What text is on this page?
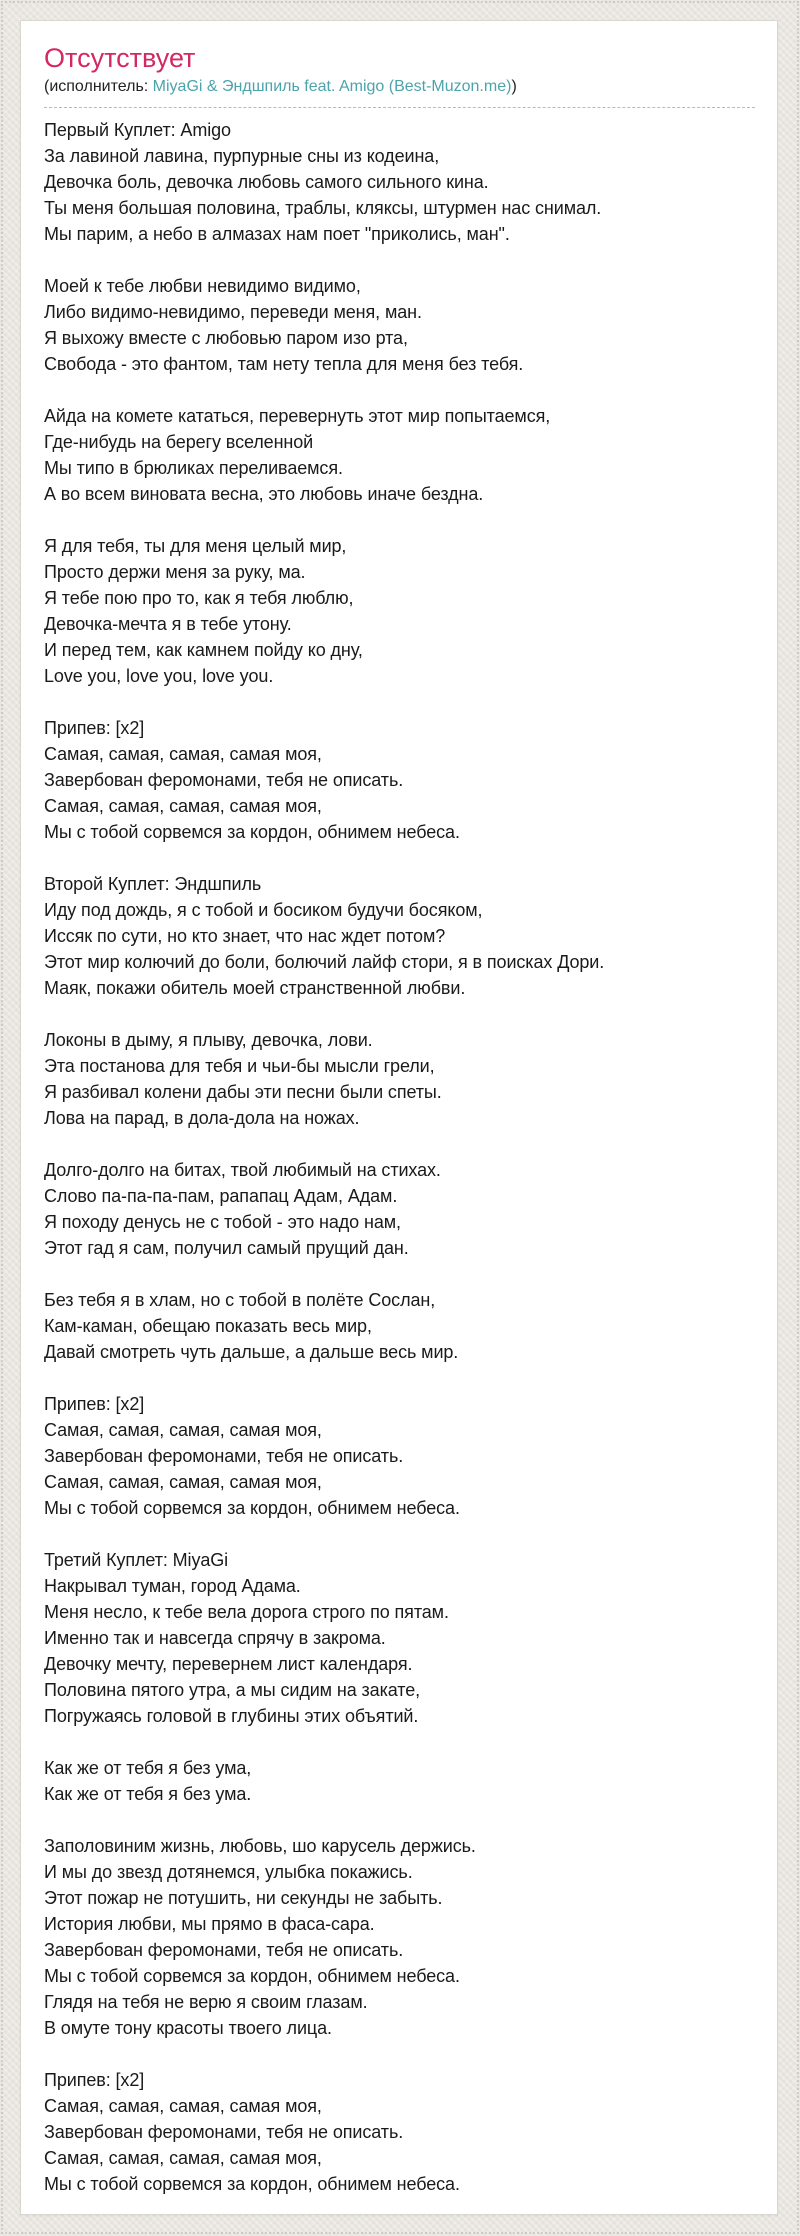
Отсутствует
(исполнитель: MiyaGi & Эндшпиль feat. Amigo (Best-Muzon.me))

Первый Куплет: Amigo
За лавиной лавина, пурпурные сны из кодеина,
Девочка боль, девочка любовь самого сильного кина.
Ты меня большая половина, траблы, кляксы, штурмен нас снимал.
Мы парим, а небо в алмазах нам поет "приколись, ман".

Моей к тебе любви невидимо видимо,
Либо видимо-невидимо, переведи меня, ман.
Я выхожу вместе с любовью паром изо рта,
Свобода - это фантом, там нету тепла для меня без тебя.

Айда на комете кататься, перевернуть этот мир попытаемся,
Где-нибудь на берегу вселенной
Мы типо в брюликах переливаемся.
А во всем виновата весна, это любовь иначе бездна.

Я для тебя, ты для меня целый мир,
Просто держи меня за руку, ма.
Я тебе пою про то, как я тебя люблю,
Девочка-мечта я в тебе утону.
И перед тем, как камнем пойду ко дну,
Love you, love you, love you.

Припев: [x2]
Самая, самая, самая, самая моя,
Завербован феромонами, тебя не описать.
Самая, самая, самая, самая моя,
Мы с тобой сорвемся за кордон, обнимем небеса.

Второй Куплет: Эндшпиль
Иду под дождь, я с тобой и босиком будучи босяком,
Иссяк по сути, но кто знает, что нас ждет потом?
Этот мир колючий до боли, болючий лайф стори, я в поисках Дори.
Маяк, покажи обитель моей странственной любви.

Локоны в дыму, я плыву, девочка, лови.
Эта постанова для тебя и чьи-бы мысли грели,
Я разбивал колени дабы эти песни были спеты.
Лова на парад, в дола-дола на ножах.

Долго-долго на битах, твой любимый на стихах.
Слово па-па-па-пам, рапапац Адам, Адам.
Я походу денусь не с тобой - это надо нам,
Этот гад я сам, получил самый прущий дан.

Без тебя я в хлам, но с тобой в полёте Сослан,
Кам-каман, обещаю показать весь мир,
Давай смотреть чуть дальше, а дальше весь мир.

Припев: [x2]
Самая, самая, самая, самая моя,
Завербован феромонами, тебя не описать.
Самая, самая, самая, самая моя,
Мы с тобой сорвемся за кордон, обнимем небеса.

Третий Куплет: MiyaGi
Накрывал туман, город Адама.
Меня несло, к тебе вела дорога строго по пятам.
Именно так и навсегда спрячу в закрома.
Девочку мечту, перевернем лист календаря.
Половина пятого утра, а мы сидим на закате,
Погружаясь головой в глубины этих объятий.

Как же от тебя я без ума,
Как же от тебя я без ума.

Заполовиним жизнь, любовь, шо карусель держись.
И мы до звезд дотянемся, улыбка покажись.
Этот пожар не потушить, ни секунды не забыть.
История любви, мы прямо в фаса-сара.
Завербован феромонами, тебя не описать.
Мы с тобой сорвемся за кордон, обнимем небеса.
Глядя на тебя не верю я своим глазам.
В омуте тону красоты твоего лица.

Припев: [x2]
Самая, самая, самая, самая моя,
Завербован феромонами, тебя не описать.
Самая, самая, самая, самая моя,
Мы с тобой сорвемся за кордон, обнимем небеса.
